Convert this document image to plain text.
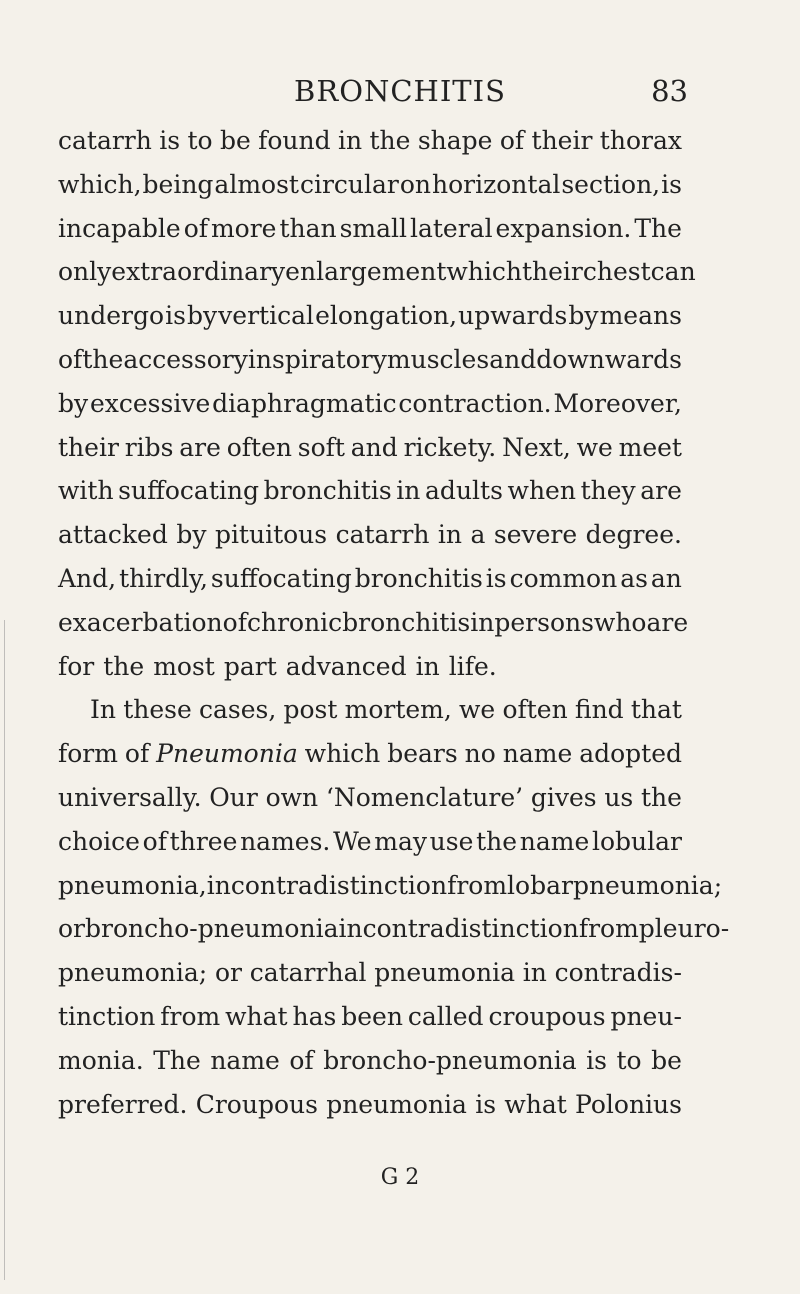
BRONCHITIS	83
catarrh is to be found in the shape of their thorax
which, being almost circular on horizontal section, is
incapable of more than small lateral expansion. The
only extraordinary enlargement which their chest can
undergo is by vertical elongation, upwards by means
of the accessory inspiratory muscles and downwards
by excessive diaphragmatic contraction. Moreover,
their ribs are often soft and rickety. Next, we meet
with suffocating bronchitis in adults when they are
attacked by pituitous catarrh in a severe degree.
And, thirdly, suffocating bronchitis is common as an
exacerbation of chronic bronchitis in persons who are
for the most part advanced in life.
In these cases, post mortem, we often find that
form of Pneumonia which bears no name adopted
universally. Our own ‘Nomenclature’ gives us the
choice of three names. We may use the name lobular
pneumonia, in contradistinction from lobar pneumonia;
or broncho-pneumonia in contradistinction from pleuro-
pneumonia; or catarrhal pneumonia in contradis-
tinction from what has been called croupous pneu-
monia. The name of broncho-pneumonia is to be
preferred. Croupous pneumonia is what Polonius
G 2
